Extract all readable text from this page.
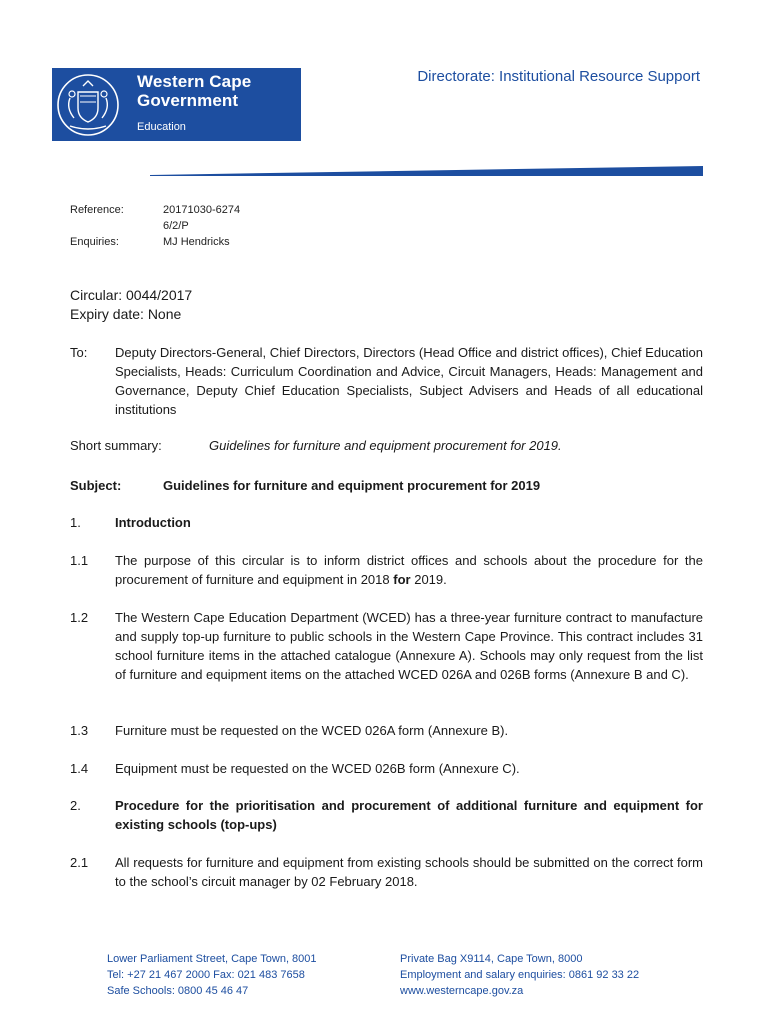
Western Cape
Government
Education
Directorate: Institutional Resource Support
Reference:	20171030-6274
6/2/P
Enquiries:	MJ Hendricks
Circular: 0044/2017
Expiry date: None
To: Deputy Directors-General, Chief Directors, Directors (Head Office and district offices), Chief Education Specialists, Heads: Curriculum Coordination and Advice, Circuit Managers, Heads: Management and Governance, Deputy Chief Education Specialists, Subject Advisers and Heads of all educational institutions
Short summary:	Guidelines for furniture and equipment procurement for 2019.
Subject:	Guidelines for furniture and equipment procurement for 2019
1.	Introduction
1.1 The purpose of this circular is to inform district offices and schools about the procedure for the procurement of furniture and equipment in 2018 for 2019.
1.2 The Western Cape Education Department (WCED) has a three-year furniture contract to manufacture and supply top-up furniture to public schools in the Western Cape Province. This contract includes 31 school furniture items in the attached catalogue (Annexure A). Schools may only request from the list of furniture and equipment items on the attached WCED 026A and 026B forms (Annexure B and C).
1.3 Furniture must be requested on the WCED 026A form (Annexure B).
1.4 Equipment must be requested on the WCED 026B form (Annexure C).
2.	Procedure for the prioritisation and procurement of additional furniture and equipment for existing schools (top-ups)
2.1 All requests for furniture and equipment from existing schools should be submitted on the correct form to the school’s circuit manager by 02 February 2018.
Lower Parliament Street, Cape Town, 8001
Tel: +27 21 467 2000 Fax: 021 483 7658
Safe Schools: 0800 45 46 47
Private Bag X9114, Cape Town, 8000
Employment and salary enquiries: 0861 92 33 22
www.westerncape.gov.za
